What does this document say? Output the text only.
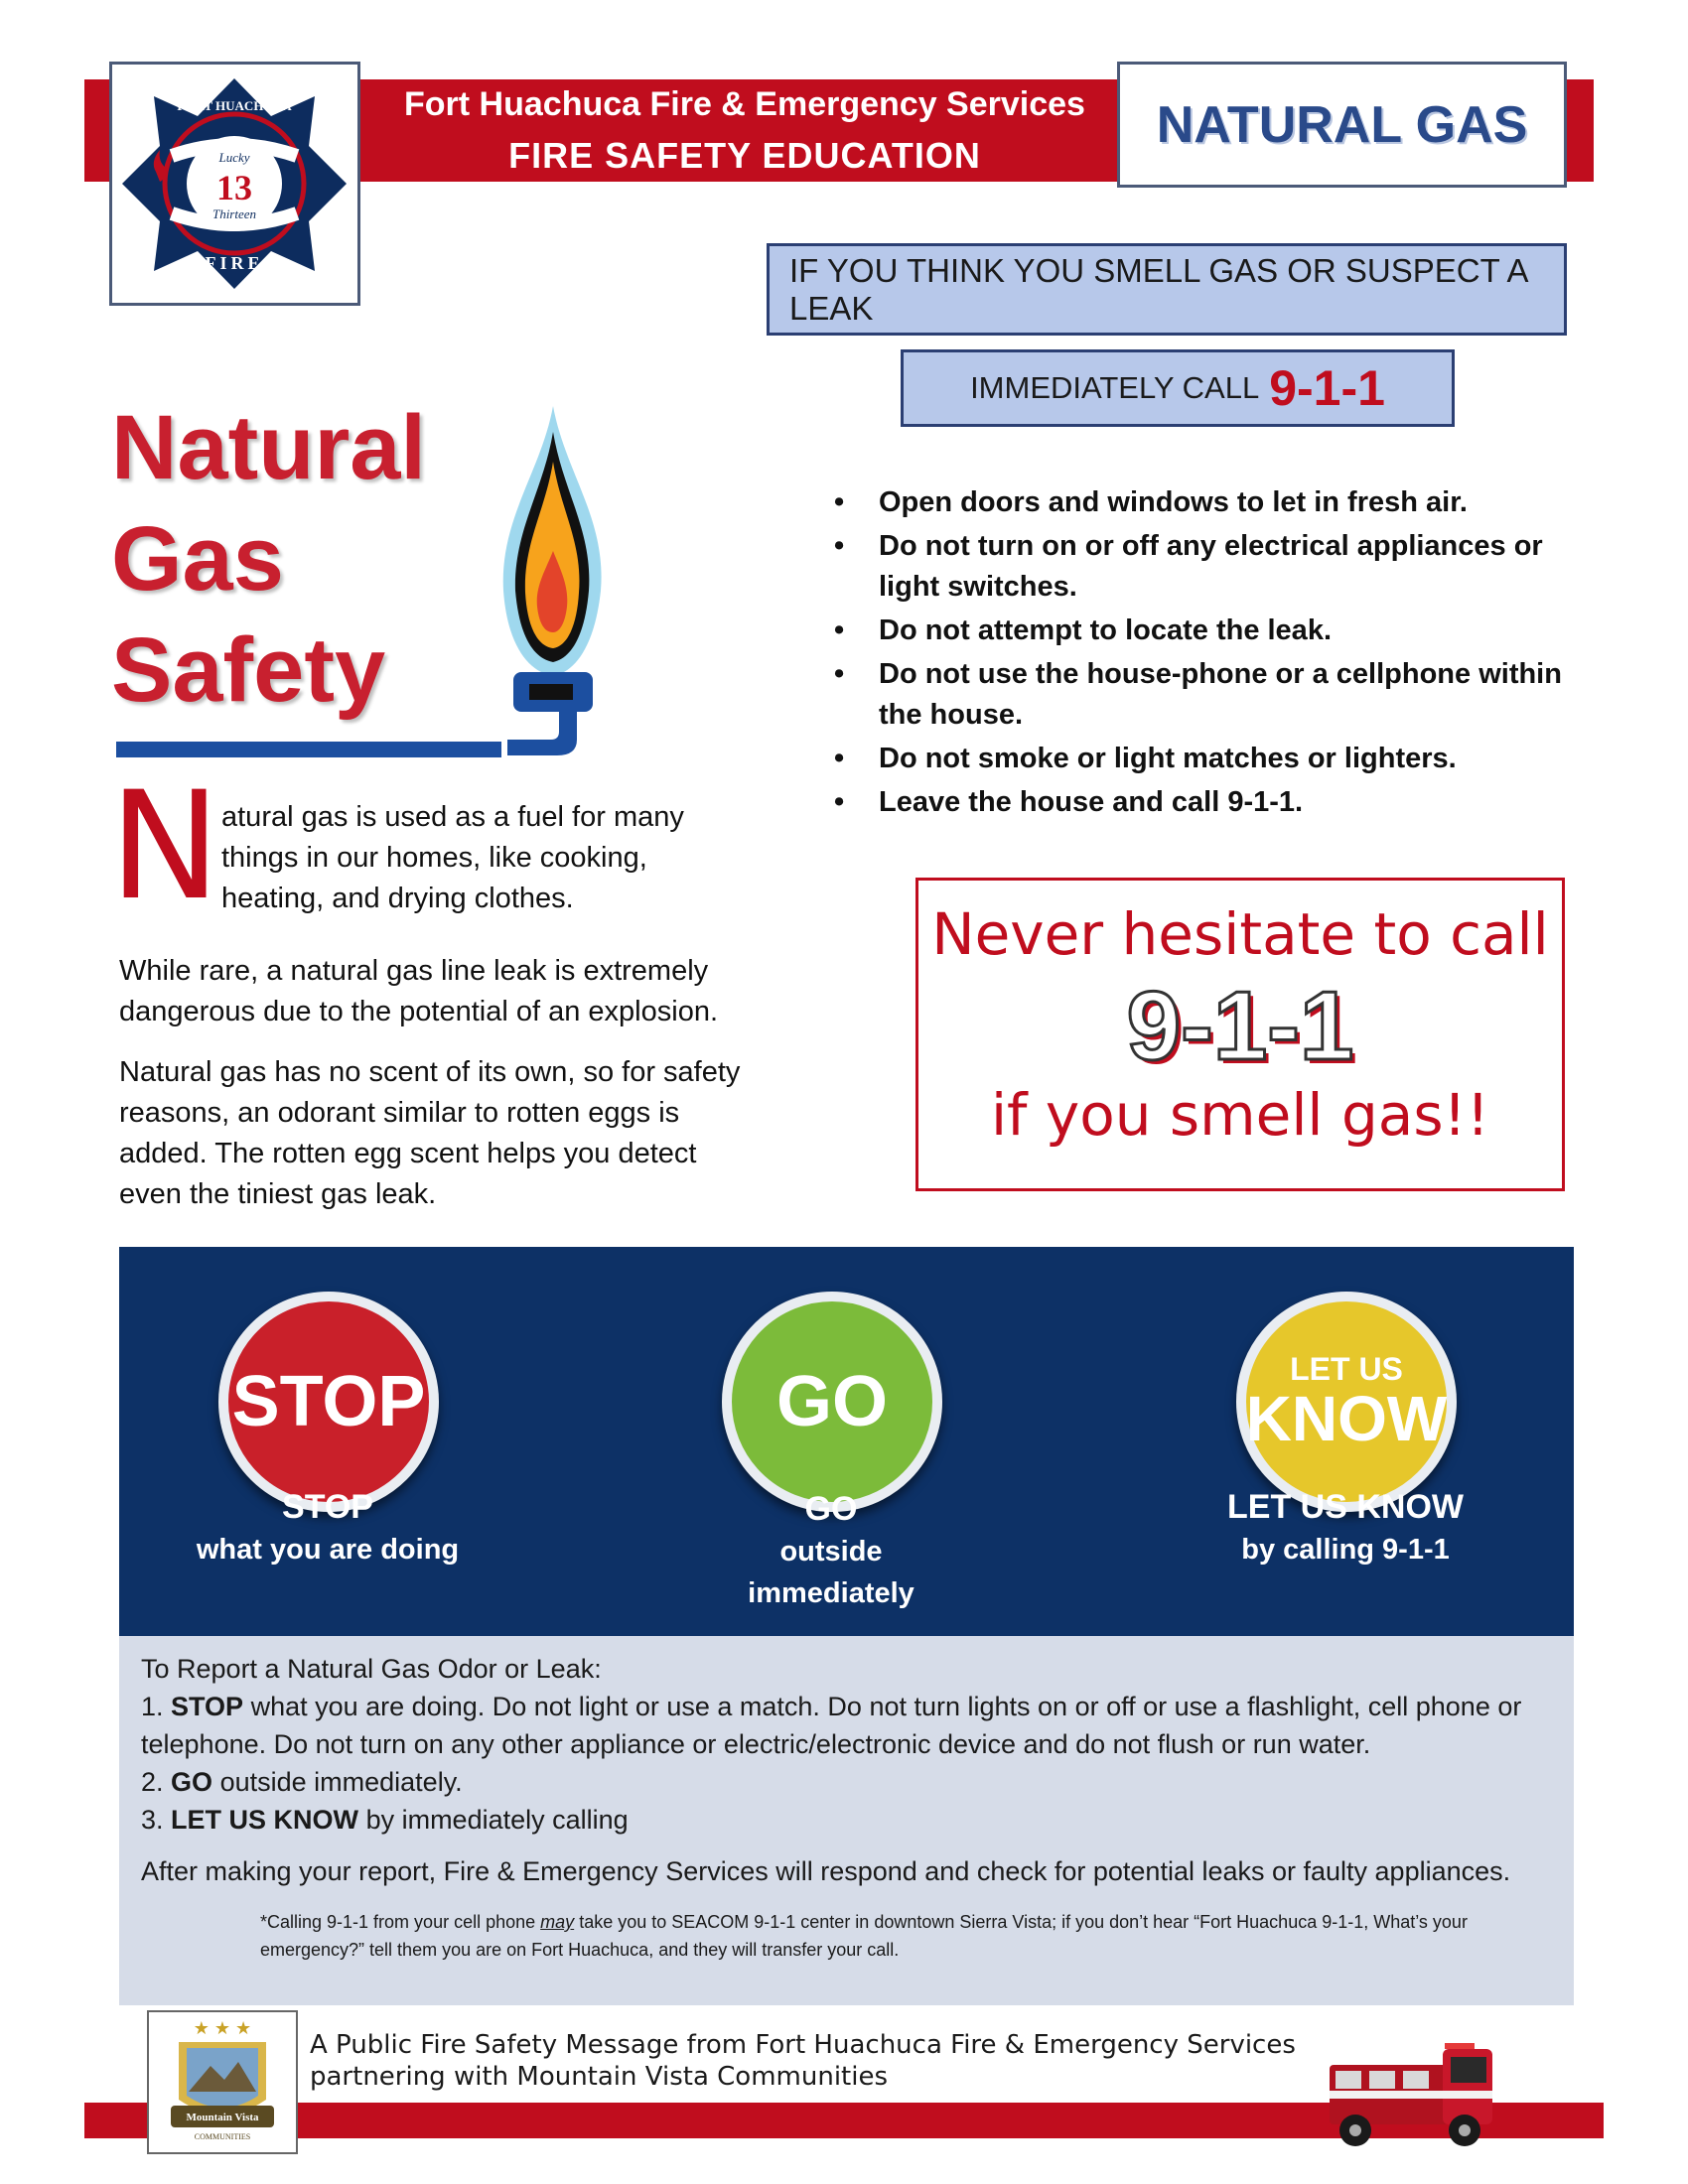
FORT HUACHUCA
Lucky
Thirteen
CO.	NO.
13
FIRE
Fort Huachuca Fire & Emergency Services
FIRE SAFETY EDUCATION
NATURAL GAS
IF YOU THINK YOU SMELL GAS OR SUSPECT A LEAK
IMMEDIATELY CALL 9-1-1
Natural
Gas
Safety
N atural gas is used as a fuel for many things in our homes, like cooking, heating, and drying clothes.
While rare, a natural gas line leak is extremely dangerous due to the potential of an explosion.
Natural gas has no scent of its own, so for safety reasons, an odorant similar to rotten eggs is added. The rotten egg scent helps you detect even the tiniest gas leak.
• Open doors and windows to let in fresh air.
• Do not turn on or off any electrical appliances or light switches.
• Do not attempt to locate the leak.
• Do not use the house-phone or a cellphone within the house.
• Do not smoke or light matches or lighters.
• Leave the house and call 9-1-1.
Never hesitate to call
9-1-1
if you smell gas!!
STOP	GO	LET US
KNOW
STOP
what you are doing
GO
outside
immediately
LET US KNOW
by calling 9-1-1
To Report a Natural Gas Odor or Leak:
1. STOP what you are doing. Do not light or use a match. Do not turn lights on or off or use a flashlight, cell phone or telephone. Do not turn on any other appliance or electric/electronic device and do not flush or run water.
2. GO outside immediately.
3. LET US KNOW by immediately calling
After making your report, Fire & Emergency Services will respond and check for potential leaks or faulty appliances.
*Calling 9-1-1 from your cell phone may take you to SEACOM 9-1-1 center in downtown Sierra Vista; if you don’t hear “Fort Huachuca 9-1-1, What’s your emergency?” tell them you are on Fort Huachuca, and they will transfer your call.
★ ★ ★
Mountain Vista
COMMUNITIES
A Public Fire Safety Message from Fort Huachuca Fire & Emergency Services
partnering with Mountain Vista Communities
